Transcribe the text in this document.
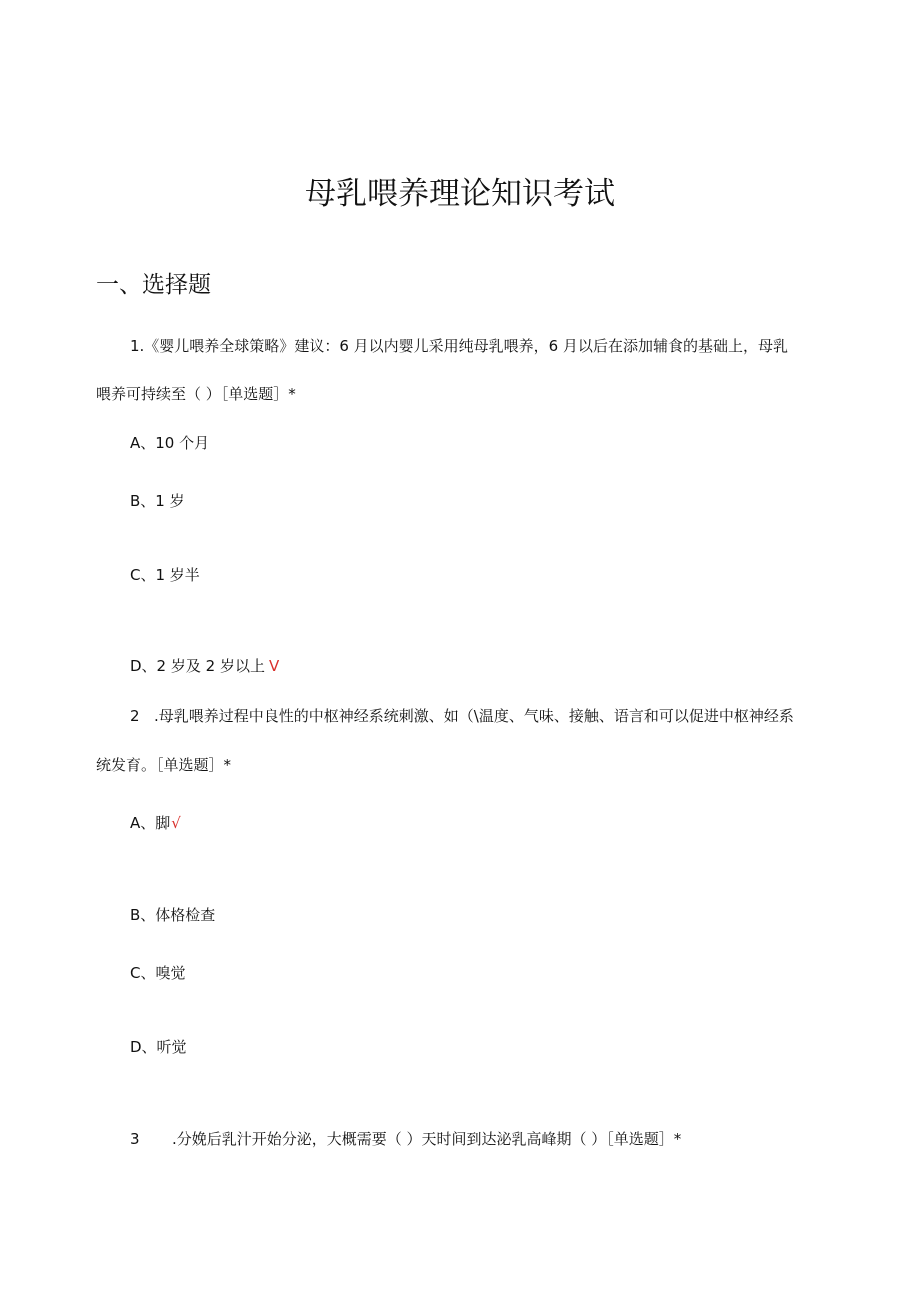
母乳喂养理论知识考试
一、选择题
1.《婴儿喂养全球策略》建议：6 月以内婴儿采用纯母乳喂养，6 月以后在添加辅食的基础上，母乳
喂养可持续至（ ）［单选题］*
A、10 个月
B、1 岁
C、1 岁半
D、2 岁及 2 岁以上 V
2 .母乳喂养过程中良性的中枢神经系统刺激、如（\温度、气味、接触、语言和可以促进中枢神经系
统发育。［单选题］*
A、脚√
B、体格检查
C、嗅觉
D、听觉
3 .分娩后乳汁开始分泌，大概需要（ ）天时间到达泌乳高峰期（ ）［单选题］*
